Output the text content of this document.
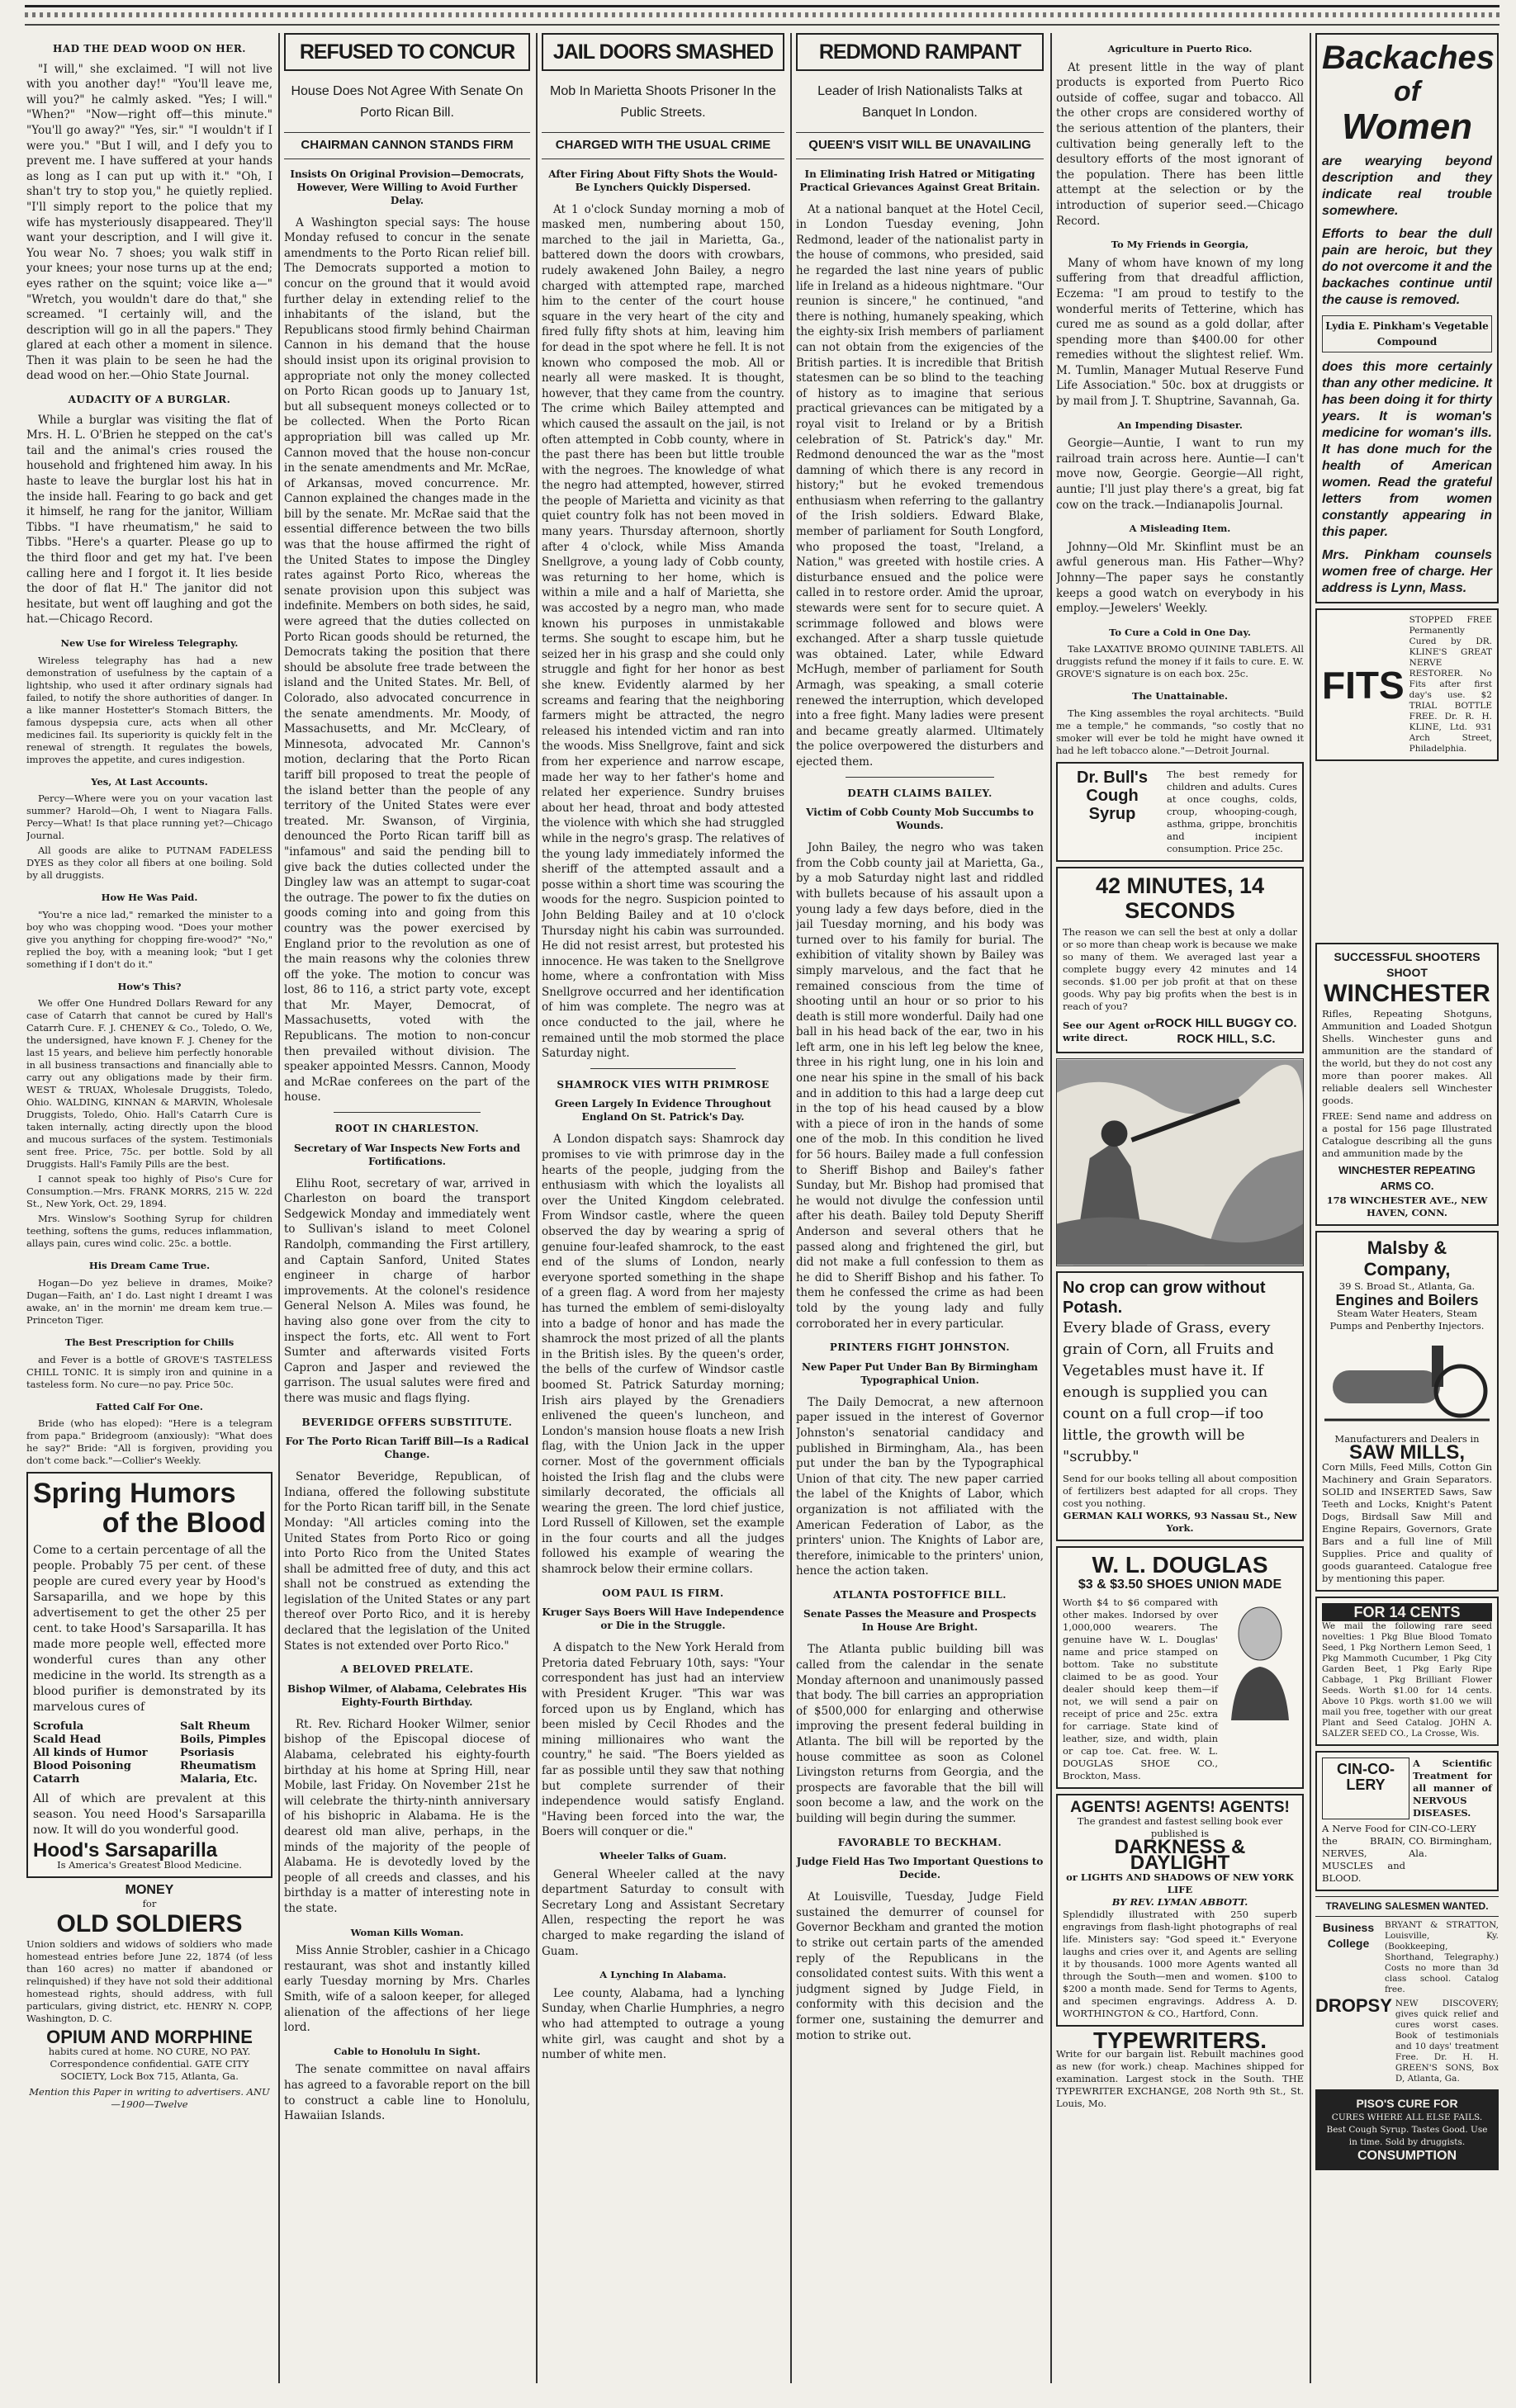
HAD THE DEAD WOOD ON HER.

"I will," she exclaimed. "I will not live with you another day!" "You'll leave me, will you?" he calmly asked. "Yes; I will." "When?" "Now—right off—this minute." "You'll go away?" "Yes, sir." "I wouldn't if I were you." "But I will, and I defy you to prevent me. I have suffered at your hands as long as I can put up with it." "Oh, I shan't try to stop you," he quietly replied. "I'll simply report to the police that my wife has mysteriously disappeared. They'll want your description, and I will give it. You wear No. 7 shoes; you walk stiff in your knees; your nose turns up at the end; eyes rather on the squint; voice like a—" "Wretch, you wouldn't dare do that," she screamed. "I certainly will, and the description will go in all the papers." They glared at each other a moment in silence. Then it was plain to be seen he had the dead wood on her.—Ohio State Journal.

AUDACITY OF A BURGLAR.

While a burglar was visiting the flat of Mrs. H. L. O'Brien he stepped on the cat's tail and the animal's cries roused the household and frightened him away. In his haste to leave the burglar lost his hat in the inside hall. Fearing to go back and get it himself, he rang for the janitor, William Tibbs. "I have rheumatism," he said to Tibbs. "Here's a quarter. Please go up to the third floor and get my hat. I've been calling here and I forgot it. It lies beside the door of flat H." The janitor did not hesitate, but went off laughing and got the hat.—Chicago Record.

New Use for Wireless Telegraphy.

Wireless telegraphy has had a new demonstration of usefulness by the captain of a lightship, who used it after ordinary signals had failed, to notify the shore authorities of danger. In a like manner Hostetter's Stomach Bitters, the famous dyspepsia cure, acts when all other medicines fail. Its superiority is quickly felt in the renewal of strength. It regulates the bowels, improves the appetite, and cures indigestion.

Yes, At Last Accounts.

Percy—Where were you on your vacation last summer? Harold—Oh, I went to Niagara Falls. Percy—What! Is that place running yet?—Chicago Journal.

All goods are alike to PUTNAM FADELESS DYES as they color all fibers at one boiling. Sold by all druggists.

How He Was Paid.

"You're a nice lad," remarked the minister to a boy who was chopping wood. "Does your mother give you anything for chopping fire-wood?" "No," replied the boy, with a meaning look; "but I get something if I don't do it."

How's This?

We offer One Hundred Dollars Reward for any case of Catarrh that cannot be cured by Hall's Catarrh Cure. F. J. CHENEY & Co., Toledo, O. We, the undersigned, have known F. J. Cheney for the last 15 years, and believe him perfectly honorable in all business transactions and financially able to carry out any obligations made by their firm. WEST & TRUAX, Wholesale Druggists, Toledo, Ohio. WALDING, KINNAN & MARVIN, Wholesale Druggists, Toledo, Ohio. Hall's Catarrh Cure is taken internally, acting directly upon the blood and mucous surfaces of the system. Testimonials sent free. Price, 75c. per bottle. Sold by all Druggists. Hall's Family Pills are the best.

I cannot speak too highly of Piso's Cure for Consumption.—Mrs. FRANK MORRS, 215 W. 22d St., New York, Oct. 29, 1894.

Mrs. Winslow's Soothing Syrup for children teething, softens the gums, reduces inflammation, allays pain, cures wind colic. 25c. a bottle.

His Dream Came True.

Hogan—Do yez believe in drames, Moike? Dugan—Faith, an' I do. Last night I dreamt I was awake, an' in the mornin' me dream kem true.—Princeton Tiger.

The Best Prescription for Chills

and Fever is a bottle of GROVE'S TASTELESS CHILL TONIC. It is simply iron and quinine in a tasteless form. No cure—no pay. Price 50c.

Fatted Calf For One.

Bride (who has eloped): "Here is a telegram from papa." Bridegroom (anxiously): "What does he say?" Bride: "All is forgiven, providing you don't come back."—Collier's Weekly.

Spring Humors
of the Blood
Come to a certain percentage of all the people. Probably 75 per cent. of these people are cured every year by Hood's Sarsaparilla, and we hope by this advertisement to get the other 25 per cent. to take Hood's Sarsaparilla. It has made more people well, effected more wonderful cures than any other medicine in the world. Its strength as a blood purifier is demonstrated by its marvelous cures of
Scrofula
Scald Head
All kinds of Humor
Blood Poisoning
Catarrh
Salt Rheum
Boils, Pimples
Psoriasis
Rheumatism
Malaria, Etc.
All of which are prevalent at this season. You need Hood's Sarsaparilla now. It will do you wonderful good.
Hood's Sarsaparilla
Is America's Greatest Blood Medicine.
MONEY
for
OLD SOLDIERS
Union soldiers and widows of soldiers who made homestead entries before June 22, 1874 (of less than 160 acres) no matter if abandoned or relinquished) if they have not sold their additional homestead rights, should address, with full particulars, giving district, etc. HENRY N. COPP, Washington, D. C.
OPIUM AND MORPHINE
habits cured at home. NO CURE, NO PAY. Correspondence confidential. GATE CITY SOCIETY, Lock Box 715, Atlanta, Ga.
Mention this Paper in writing to advertisers. ANU—1900—Twelve
REFUSED TO CONCUR
House Does Not Agree With Senate On Porto Rican Bill.
CHAIRMAN CANNON STANDS FIRM
Insists On Original Provision—Democrats, However, Were Willing to Avoid Further Delay.

A Washington special says: The house Monday refused to concur in the senate amendments to the Porto Rican relief bill. The Democrats supported a motion to concur on the ground that it would avoid further delay in extending relief to the inhabitants of the island, but the Republicans stood firmly behind Chairman Cannon in his demand that the house should insist upon its original provision to appropriate not only the money collected on Porto Rican goods up to January 1st, but all subsequent moneys collected or to be collected. When the Porto Rican appropriation bill was called up Mr. Cannon moved that the house non-concur in the senate amendments and Mr. McRae, of Arkansas, moved concurrence. Mr. Cannon explained the changes made in the bill by the senate. Mr. McRae said that the essential difference between the two bills was that the house affirmed the right of the United States to impose the Dingley rates against Porto Rico, whereas the senate provision upon this subject was indefinite. Members on both sides, he said, were agreed that the duties collected on Porto Rican goods should be returned, the Democrats taking the position that there should be absolute free trade between the island and the United States. Mr. Bell, of Colorado, also advocated concurrence in the senate amendments. Mr. Moody, of Massachusetts, and Mr. McCleary, of Minnesota, advocated Mr. Cannon's motion, declaring that the Porto Rican tariff bill proposed to treat the people of the island better than the people of any territory of the United States were ever treated. Mr. Swanson, of Virginia, denounced the Porto Rican tariff bill as "infamous" and said the pending bill to give back the duties collected under the Dingley law was an attempt to sugar-coat the outrage. The power to fix the duties on goods coming into and going from this country was the power exercised by England prior to the revolution as one of the main reasons why the colonies threw off the yoke. The motion to concur was lost, 86 to 116, a strict party vote, except that Mr. Mayer, Democrat, of Massachusetts, voted with the Republicans. The motion to non-concur then prevailed without division. The speaker appointed Messrs. Cannon, Moody and McRae conferees on the part of the house.

ROOT IN CHARLESTON.
Secretary of War Inspects New Forts and Fortifications.

Elihu Root, secretary of war, arrived in Charleston on board the transport Sedgewick Monday and immediately went to Sullivan's island to meet Colonel Randolph, commanding the First artillery, and Captain Sanford, United States engineer in charge of harbor improvements. At the colonel's residence General Nelson A. Miles was found, he having also gone over from the city to inspect the forts, etc. All went to Fort Sumter and afterwards visited Forts Capron and Jasper and reviewed the garrison. The usual salutes were fired and there was music and flags flying.

BEVERIDGE OFFERS SUBSTITUTE.
For The Porto Rican Tariff Bill—Is a Radical Change.

Senator Beveridge, Republican, of Indiana, offered the following substitute for the Porto Rican tariff bill, in the Senate Monday: "All articles coming into the United States from Porto Rico or going into Porto Rico from the United States shall be admitted free of duty, and this act shall not be construed as extending the legislation of the United States or any part thereof over Porto Rico, and it is hereby declared that the legislation of the United States is not extended over Porto Rico."

A BELOVED PRELATE.
Bishop Wilmer, of Alabama, Celebrates His Eighty-Fourth Birthday.

Rt. Rev. Richard Hooker Wilmer, senior bishop of the Episcopal diocese of Alabama, celebrated his eighty-fourth birthday at his home at Spring Hill, near Mobile, last Friday. On November 21st he will celebrate the thirty-ninth anniversary of his bishopric in Alabama. He is the dearest old man alive, perhaps, in the minds of the majority of the people of Alabama. He is devotedly loved by the people of all creeds and classes, and his birthday is a matter of interesting note in the state.

Woman Kills Woman.

Miss Annie Strobler, cashier in a Chicago restaurant, was shot and instantly killed early Tuesday morning by Mrs. Charles Smith, wife of a saloon keeper, for alleged alienation of the affections of her liege lord.

Cable to Honolulu In Sight.

The senate committee on naval affairs has agreed to a favorable report on the bill to construct a cable line to Honolulu, Hawaiian Islands.

JAIL DOORS SMASHED
Mob In Marietta Shoots Prisoner In the Public Streets.
CHARGED WITH THE USUAL CRIME
After Firing About Fifty Shots the Would-Be Lynchers Quickly Dispersed.

At 1 o'clock Sunday morning a mob of masked men, numbering about 150, marched to the jail in Marietta, Ga., battered down the doors with crowbars, rudely awakened John Bailey, a negro charged with attempted rape, marched him to the center of the court house square in the very heart of the city and fired fully fifty shots at him, leaving him for dead in the spot where he fell. It is not known who composed the mob. All or nearly all were masked. It is thought, however, that they came from the country. The crime which Bailey attempted and which caused the assault on the jail, is not often attempted in Cobb county, where in the past there has been but little trouble with the negroes. The knowledge of what the negro had attempted, however, stirred the people of Marietta and vicinity as that quiet country folk has not been moved in many years. Thursday afternoon, shortly after 4 o'clock, while Miss Amanda Snellgrove, a young lady of Cobb county, was returning to her home, which is within a mile and a half of Marietta, she was accosted by a negro man, who made known his purposes in unmistakable terms. She sought to escape him, but he seized her in his grasp and she could only struggle and fight for her honor as best she knew. Evidently alarmed by her screams and fearing that the neighboring farmers might be attracted, the negro released his intended victim and ran into the woods. Miss Snellgrove, faint and sick from her experience and narrow escape, made her way to her father's home and related her experience. Sundry bruises about her head, throat and body attested the violence with which she had struggled while in the negro's grasp. The relatives of the young lady immediately informed the sheriff of the attempted assault and a posse within a short time was scouring the woods for the negro. Suspicion pointed to John Belding Bailey and at 10 o'clock Thursday night his cabin was surrounded. He did not resist arrest, but protested his innocence. He was taken to the Snellgrove home, where a confrontation with Miss Snellgrove occurred and her identification of him was complete. The negro was at once conducted to the jail, where he remained until the mob stormed the place Saturday night.

SHAMROCK VIES WITH PRIMROSE
Green Largely In Evidence Throughout England On St. Patrick's Day.

A London dispatch says: Shamrock day promises to vie with primrose day in the hearts of the people, judging from the enthusiasm with which the loyalists all over the United Kingdom celebrated. From Windsor castle, where the queen observed the day by wearing a sprig of genuine four-leafed shamrock, to the east end of the slums of London, nearly everyone sported something in the shape of a green flag. A word from her majesty has turned the emblem of semi-disloyalty into a badge of honor and has made the shamrock the most prized of all the plants in the British isles. By the queen's order, the bells of the curfew of Windsor castle boomed St. Patrick Saturday morning; Irish airs played by the Grenadiers enlivened the queen's luncheon, and London's mansion house floats a new Irish flag, with the Union Jack in the upper corner. Most of the government officials hoisted the Irish flag and the clubs were similarly decorated, the officials all wearing the green. The lord chief justice, Lord Russell of Killowen, set the example in the four courts and all the judges followed his example of wearing the shamrock below their ermine collars.

OOM PAUL IS FIRM.
Kruger Says Boers Will Have Independence or Die in the Struggle.

A dispatch to the New York Herald from Pretoria dated February 10th, says: "Your correspondent has just had an interview with President Kruger. "This war was forced upon us by England, which has been misled by Cecil Rhodes and the mining millionaires who want the country," he said. "The Boers yielded as far as possible until they saw that nothing but complete surrender of their independence would satisfy England. "Having been forced into the war, the Boers will conquer or die."

Wheeler Talks of Guam.

General Wheeler called at the navy department Saturday to consult with Secretary Long and Assistant Secretary Allen, respecting the report he was charged to make regarding the island of Guam.

A Lynching In Alabama.

Lee county, Alabama, had a lynching Sunday, when Charlie Humphries, a negro who had attempted to outrage a young white girl, was caught and shot by a number of white men.

REDMOND RAMPANT
Leader of Irish Nationalists Talks at Banquet In London.
QUEEN'S VISIT WILL BE UNAVAILING
In Eliminating Irish Hatred or Mitigating Practical Grievances Against Great Britain.

At a national banquet at the Hotel Cecil, in London Tuesday evening, John Redmond, leader of the nationalist party in the house of commons, who presided, said he regarded the last nine years of public life in Ireland as a hideous nightmare. "Our reunion is sincere," he continued, "and there is nothing, humanely speaking, which the eighty-six Irish members of parliament can not obtain from the exigencies of the British parties. It is incredible that British statesmen can be so blind to the teaching of history as to imagine that serious practical grievances can be mitigated by a royal visit to Ireland or by a British celebration of St. Patrick's day." Mr. Redmond denounced the war as the "most damning of which there is any record in history;" but he evoked tremendous enthusiasm when referring to the gallantry of the Irish soldiers. Edward Blake, member of parliament for South Longford, who proposed the toast, "Ireland, a Nation," was greeted with hostile cries. A disturbance ensued and the police were called in to restore order. Amid the uproar, stewards were sent for to secure quiet. A scrimmage followed and blows were exchanged. After a sharp tussle quietude was obtained. Later, while Edward McHugh, member of parliament for South Armagh, was speaking, a small coterie renewed the interruption, which developed into a free fight. Many ladies were present and became greatly alarmed. Ultimately the police overpowered the disturbers and ejected them.

DEATH CLAIMS BAILEY.
Victim of Cobb County Mob Succumbs to Wounds.

John Bailey, the negro who was taken from the Cobb county jail at Marietta, Ga., by a mob Saturday night last and riddled with bullets because of his assault upon a young lady a few days before, died in the jail Tuesday morning, and his body was turned over to his family for burial. The exhibition of vitality shown by Bailey was simply marvelous, and the fact that he remained conscious from the time of shooting until an hour or so prior to his death is still more wonderful. Daily had one ball in his head back of the ear, two in his left arm, one in his left leg below the knee, three in his right lung, one in his loin and one near his spine in the small of his back and in addition to this had a large deep cut in the top of his head caused by a blow with a piece of iron in the hands of some one of the mob. In this condition he lived for 56 hours. Bailey made a full confession to Sheriff Bishop and Bailey's father Sunday, but Mr. Bishop had promised that he would not divulge the confession until after his death. Bailey told Deputy Sheriff Anderson and several others that he passed along and frightened the girl, but did not make a full confession to them as he did to Sheriff Bishop and his father. To them he confessed the crime as had been told by the young lady and fully corroborated her in every particular.

PRINTERS FIGHT JOHNSTON.
New Paper Put Under Ban By Birmingham Typographical Union.

The Daily Democrat, a new afternoon paper issued in the interest of Governor Johnston's senatorial candidacy and published in Birmingham, Ala., has been put under the ban by the Typographical Union of that city. The new paper carried the label of the Knights of Labor, which organization is not affiliated with the American Federation of Labor, as the printers' union. The Knights of Labor are, therefore, inimicable to the printers' union, hence the action taken.

ATLANTA POSTOFFICE BILL.
Senate Passes the Measure and Prospects In House Are Bright.

The Atlanta public building bill was called from the calendar in the senate Monday afternoon and unanimously passed that body. The bill carries an appropriation of $500,000 for enlarging and otherwise improving the present federal building in Atlanta. The bill will be reported by the house committee as soon as Colonel Livingston returns from Georgia, and the prospects are favorable that the bill will soon become a law, and the work on the building will begin during the summer.

FAVORABLE TO BECKHAM.
Judge Field Has Two Important Questions to Decide.

At Louisville, Tuesday, Judge Field sustained the demurrer of counsel for Governor Beckham and granted the motion to strike out certain parts of the amended reply of the Republicans in the consolidated contest suits. With this went a judgment signed by Judge Field, in conformity with this decision and the former one, sustaining the demurrer and motion to strike out.

Agriculture in Puerto Rico.

At present little in the way of plant products is exported from Puerto Rico outside of coffee, sugar and tobacco. All the other crops are considered worthy of the serious attention of the planters, their cultivation being generally left to the desultory efforts of the most ignorant of the population. There has been little attempt at the selection or by the introduction of superior seed.—Chicago Record.

To My Friends in Georgia,

Many of whom have known of my long suffering from that dreadful affliction, Eczema: "I am proud to testify to the wonderful merits of Tetterine, which has cured me as sound as a gold dollar, after spending more than $400.00 for other remedies without the slightest relief. Wm. M. Tumlin, Manager Mutual Reserve Fund Life Association." 50c. box at druggists or by mail from J. T. Shuptrine, Savannah, Ga.

An Impending Disaster.

Georgie—Auntie, I want to run my railroad train across here. Auntie—I can't move now, Georgie. Georgie—All right, auntie; I'll just play there's a great, big fat cow on the track.—Indianapolis Journal.

A Misleading Item.

Johnny—Old Mr. Skinflint must be an awful generous man. His Father—Why? Johnny—The paper says he constantly keeps a good watch on everybody in his employ.—Jewelers' Weekly.

To Cure a Cold in One Day.

Take LAXATIVE BROMO QUININE TABLETS. All druggists refund the money if it fails to cure. E. W. GROVE'S signature is on each box. 25c.

The Unattainable.

The King assembles the royal architects. "Build me a temple," he commands, "so costly that no smoker will ever be told he might have owned it had he left tobacco alone."—Detroit Journal.

Dr. Bull's Cough Syrup
The best remedy for children and adults. Cures at once coughs, colds, croup, whooping-cough, asthma, grippe, bronchitis and incipient consumption. Price 25c.
42 MINUTES, 14 SECONDS
The reason we can sell the best at only a dollar or so more than cheap work is because we make so many of them. We averaged last year a complete buggy every 42 minutes and 14 seconds. $1.00 per job profit at that on these goods. Why pay big profits when the best is in reach of you?
See our Agent or write direct.
ROCK HILL BUGGY CO. ROCK HILL, S.C.
No crop can grow without Potash.
Every blade of Grass, every grain of Corn, all Fruits and Vegetables must have it. If enough is supplied you can count on a full crop—if too little, the growth will be "scrubby."
Send for our books telling all about composition of fertilizers best adapted for all crops. They cost you nothing.
GERMAN KALI WORKS, 93 Nassau St., New York.
W. L. DOUGLAS
$3 & $3.50 SHOES UNION MADE
Worth $4 to $6 compared with other makes. Indorsed by over 1,000,000 wearers. The genuine have W. L. Douglas' name and price stamped on bottom. Take no substitute claimed to be as good. Your dealer should keep them—if not, we will send a pair on receipt of price and 25c. extra for carriage. State kind of leather, size, and width, plain or cap toe. Cat. free. W. L. DOUGLAS SHOE CO., Brockton, Mass.
AGENTS! AGENTS! AGENTS!
The grandest and fastest selling book ever published is
DARKNESS & DAYLIGHT
or LIGHTS AND SHADOWS OF NEW YORK LIFE
BY REV. LYMAN ABBOTT.
Splendidly illustrated with 250 superb engravings from flash-light photographs of real life. Ministers say: "God speed it." Everyone laughs and cries over it, and Agents are selling it by thousands. 1000 more Agents wanted all through the South—men and women. $100 to $200 a month made. Send for Terms to Agents, and specimen engravings. Address A. D. WORTHINGTON & CO., Hartford, Conn.
TYPEWRITERS.
Write for our bargain list. Rebuilt machines good as new (for work.) cheap. Machines shipped for examination. Largest stock in the South. THE TYPEWRITER EXCHANGE, 208 North 9th St., St. Louis, Mo.
Backaches
of
Women
are wearying beyond description and they indicate real trouble somewhere.
Efforts to bear the dull pain are heroic, but they do not overcome it and the backaches continue until the cause is removed.
Lydia E. Pinkham's Vegetable Compound
does this more certainly than any other medicine. It has been doing it for thirty years. It is woman's medicine for woman's ills. It has done much for the health of American women. Read the grateful letters from women constantly appearing in this paper.
Mrs. Pinkham counsels women free of charge. Her address is Lynn, Mass.
FITS
STOPPED FREE Permanently Cured by DR. KLINE'S GREAT NERVE RESTORER. No Fits after first day's use. $2 TRIAL BOTTLE FREE. Dr. R. H. KLINE, Ltd. 931 Arch Street, Philadelphia.
SUCCESSFUL SHOOTERS SHOOT
WINCHESTER
Rifles, Repeating Shotguns, Ammunition and Loaded Shotgun Shells. Winchester guns and ammunition are the standard of the world, but they do not cost any more than poorer makes. All reliable dealers sell Winchester goods.
FREE: Send name and address on a postal for 156 page Illustrated Catalogue describing all the guns and ammunition made by the
WINCHESTER REPEATING ARMS CO.
178 WINCHESTER AVE., NEW HAVEN, CONN.
Malsby & Company,
39 S. Broad St., Atlanta, Ga.
Engines and Boilers
Steam Water Heaters, Steam Pumps and Penberthy Injectors.
Manufacturers and Dealers in
SAW MILLS,
Corn Mills, Feed Mills, Cotton Gin Machinery and Grain Separators. SOLID and INSERTED Saws, Saw Teeth and Locks, Knight's Patent Dogs, Birdsall Saw Mill and Engine Repairs, Governors, Grate Bars and a full line of Mill Supplies. Price and quality of goods guaranteed. Catalogue free by mentioning this paper.
FOR 14 CENTS
We mail the following rare seed novelties: 1 Pkg Blue Blood Tomato Seed, 1 Pkg Northern Lemon Seed, 1 Pkg Mammoth Cucumber, 1 Pkg City Garden Beet, 1 Pkg Early Ripe Cabbage, 1 Pkg Brilliant Flower Seeds. Worth $1.00 for 14 cents. Above 10 Pkgs. worth $1.00 we will mail you free, together with our great Plant and Seed Catalog. JOHN A. SALZER SEED CO., La Crosse, Wis.
CIN-CO-LERY
A Scientific Treatment for all manner of NERVOUS DISEASES.
A Nerve Food for the BRAIN, NERVES, MUSCLES and BLOOD.
CIN-CO-LERY CO. Birmingham, Ala.
TRAVELING SALESMEN WANTED.
Business College
BRYANT & STRATTON, Louisville, Ky. (Bookkeeping, Shorthand, Telegraphy.) Costs no more than 3d class school. Catalog free.
DROPSY NEW DISCOVERY; gives quick relief and cures worst cases. Book of testimonials and 10 days' treatment Free. Dr. H. H. GREEN'S SONS, Box D, Atlanta, Ga.
PISO'S CURE FOR
CURES WHERE ALL ELSE FAILS. Best Cough Syrup. Tastes Good. Use in time. Sold by druggists.
CONSUMPTION
